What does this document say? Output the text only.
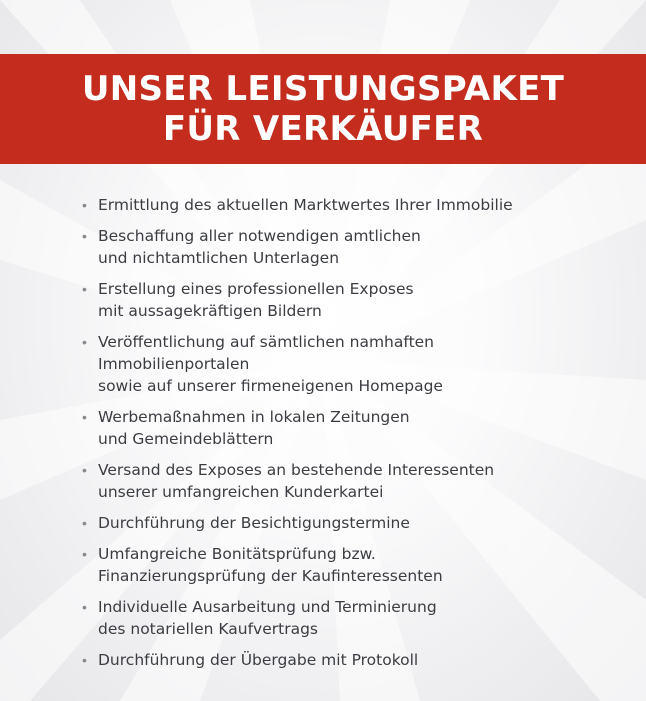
UNSER LEISTUNGSPAKET
FÜR VERKÄUFER
• Ermittlung des aktuellen Marktwertes Ihrer Immobilie
• Beschaffung aller notwendigen amtlichen
und nichtamtlichen Unterlagen
• Erstellung eines professionellen Exposes
mit aussagekräftigen Bildern
• Veröffentlichung auf sämtlichen namhaften
Immobilienportalen
sowie auf unserer firmeneigenen Homepage
• Werbemaßnahmen in lokalen Zeitungen
und Gemeindeblättern
• Versand des Exposes an bestehende Interessenten
unserer umfangreichen Kunderkartei
• Durchführung der Besichtigungstermine
• Umfangreiche Bonitätsprüfung bzw.
Finanzierungsprüfung der Kaufinteressenten
• Individuelle Ausarbeitung und Terminierung
des notariellen Kaufvertrags
• Durchführung der Übergabe mit Protokoll
